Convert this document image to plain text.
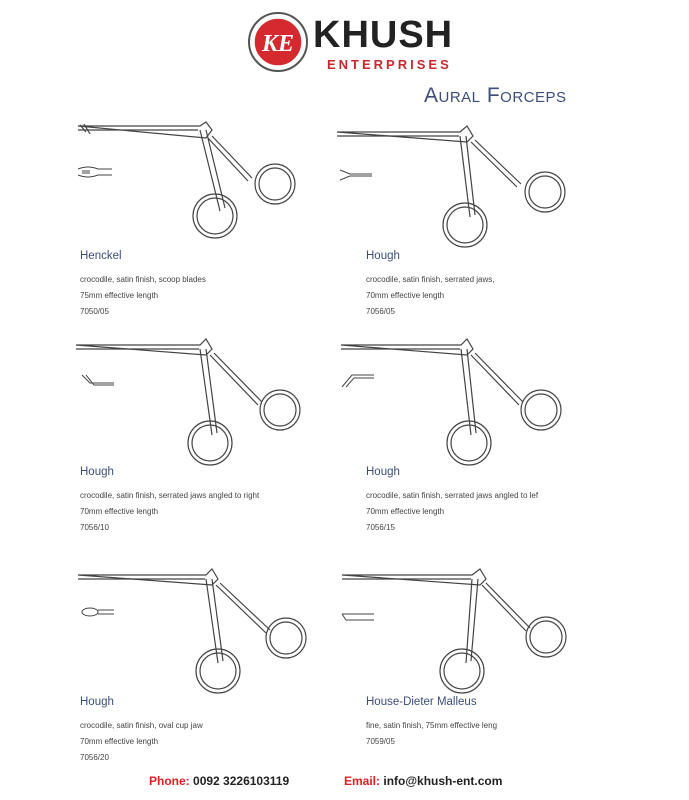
KE KHUSH
ENTERPRISES
Aural Forceps
Henckel
crocodile, satin finish, scoop blades
75mm effective length
7050/05
Hough
crocodile, satin finish, serrated jaws,
70mm effective length
7056/05
Hough
crocodile, satin finish, serrated jaws angled to right
70mm effective length
7056/10
Hough
crocodile, satin finish, serrated jaws angled to lef
70mm effective length
7056/15
Hough
crocodile, satin finish, oval cup jaw
70mm effective length
7056/20
House-Dieter Malleus
fine, satin finish, 75mm effective leng
7059/05
Phone: 0092 3226103119	Email: info@khush-ent.com
